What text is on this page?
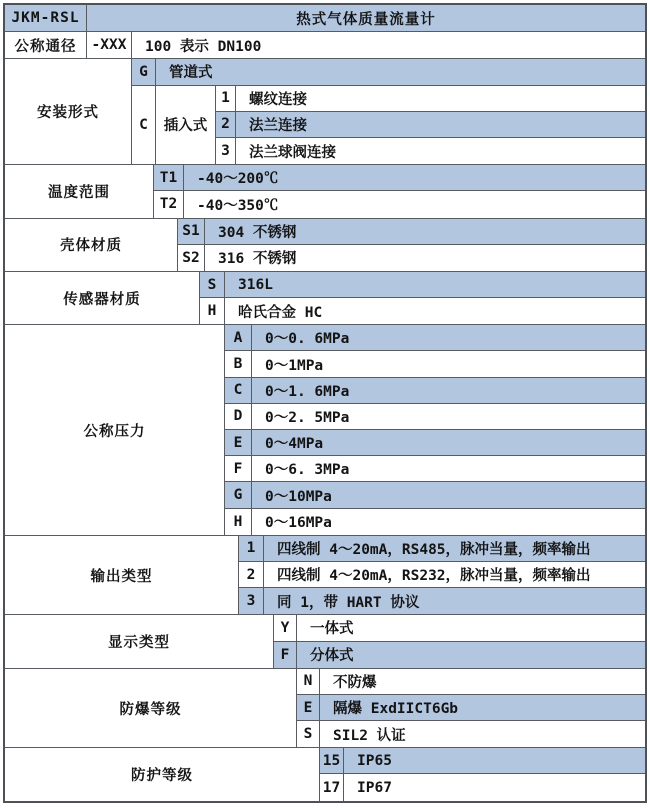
JKM-RSL	热式气体质量流量计
公称通径	-XXX	100 表示 DN100
安装形式
G	管道式
C	插入式
1	螺纹连接
2	法兰连接
3	法兰球阀连接
温度范围
T1	-40～200℃
T2	-40～350℃
壳体材质
S1	304 不锈钢
S2	316 不锈钢
传感器材质
S	316L
H	哈氏合金 HC
公称压力
A	0～0. 6MPa
B	0～1MPa
C	0～1. 6MPa
D	0～2. 5MPa
E	0～4MPa
F	0～6. 3MPa
G	0～10MPa
H	0～16MPa
输出类型
1	四线制 4～20mA，RS485，脉冲当量，频率输出
2	四线制 4～20mA，RS232，脉冲当量，频率输出
3	同 1，带 HART 协议
显示类型
Y	一体式
F	分体式
防爆等级
N	不防爆
E	隔爆 ExdIICT6Gb
S	SIL2 认证
防护等级
15	IP65
17	IP67
